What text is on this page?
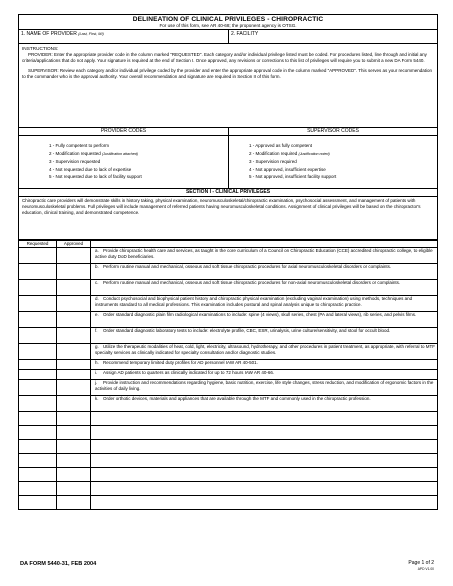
DELINEATION OF CLINICAL PRIVILEGES - CHIROPRACTIC
For use of this form, see AR 40-68; the proponent agency is OTSG.
1. NAME OF PROVIDER (Last, First, MI)	2. FACILITY

INSTRUCTIONS:

PROVIDER: Enter the appropriate provider code in the column marked "REQUESTED". Each category and/or individual privilege listed must be coded. For procedures listed, line through and initial any criteria/applications that do not apply. Your signature is required at the end of Section I. Once approved, any revisions or corrections to this list of privileges will require you to submit a new DA Form 5440.

SUPERVISOR: Review each category and/or individual privilege coded by the provider and enter the appropriate approval code in the column marked "APPROVED". This serves as your recommendation to the commander who is the approval authority. Your overall recommendation and signature are required in Section II of this form.

PROVIDER CODES
1 - Fully competent to perform
2 - Modification requested (Justification attached)
3 - Supervision requested
4 - Not requested due to lack of expertise
5 - Not requested due to lack of facility support
SUPERVISOR CODES
1 - Approved as fully competent
2 - Modification required (Justification noted)
3 - Supervision required
4 - Not approved, insufficient expertise
5 - Not approved, insufficient facility support
SECTION I - CLINICAL PRIVILEGES
Chiropractic care providers will demonstrate skills in history taking, physical examination, neuromusculoskeletal/chiropractic examination, psychosocial assessment, and management of patients with neuromusculoskeletal problems. Full privileges will include management of referred patients having neuromusculoskeletal conditions. Assignment of clinical privileges will be based on the chiropractor's education, clinical training, and demonstrated competence.
Requested	Approved	
		a. Provide chiropractic health care and services, as taught in the core curriculum of a Council on Chiropractic Education (CCE) accredited chiropractic college, to eligible active duty DoD beneficiaries.
		b. Perform routine manual and mechanical, osseous and soft tissue chiropractic procedures for axial neuromusculoskeletal disorders or complaints.
		c. Perform routine manual and mechanical, osseous and soft tissue chiropractic procedures for non-axial neuromusculoskeletal disorders or complaints.
		d. Conduct psychosocial and biophysical patient history and chiropractic physical examination (excluding vaginal examination) using methods, techniques and instruments standard to all medical professions. This examination includes postural and spinal analysis unique to chiropractic practice.
		e. Order standard diagnostic plain film radiological examinations to include: spine (4 views), skull series, chest (PA and lateral views), rib series, and pelvis films.
		f. Order standard diagnostic laboratory tests to include: electrolyte profile, CBC, ESR, urinalysis, urine culture/sensitivity, and stool for occult blood.
		g. Utilize the therapeutic modalities of heat, cold, light, electricity, ultrasound, hydrotherapy, and other procedures in patient treatment, as appropriate, with referral to MTF specialty services as clinically indicated for specialty consultation and/or diagnostic studies.
		h. Recommend temporary limited duty profiles for AD personnel IAW AR 40-501.
		i. Assign AD patients to quarters as clinically indicated for up to 72 hours IAW AR 40-66.
		j. Provide instruction and recommendations regarding hygiene, basic nutrition, exercise, life style changes, stress reduction, and modification of ergonomic factors in the activities of daily living.
		k. Order orthotic devices, materials and appliances that are available through the MTF and commonly used in the chiropractic profession.

DA FORM 5440-31, FEB 2004	Page 1 of 2
APD V1.00
